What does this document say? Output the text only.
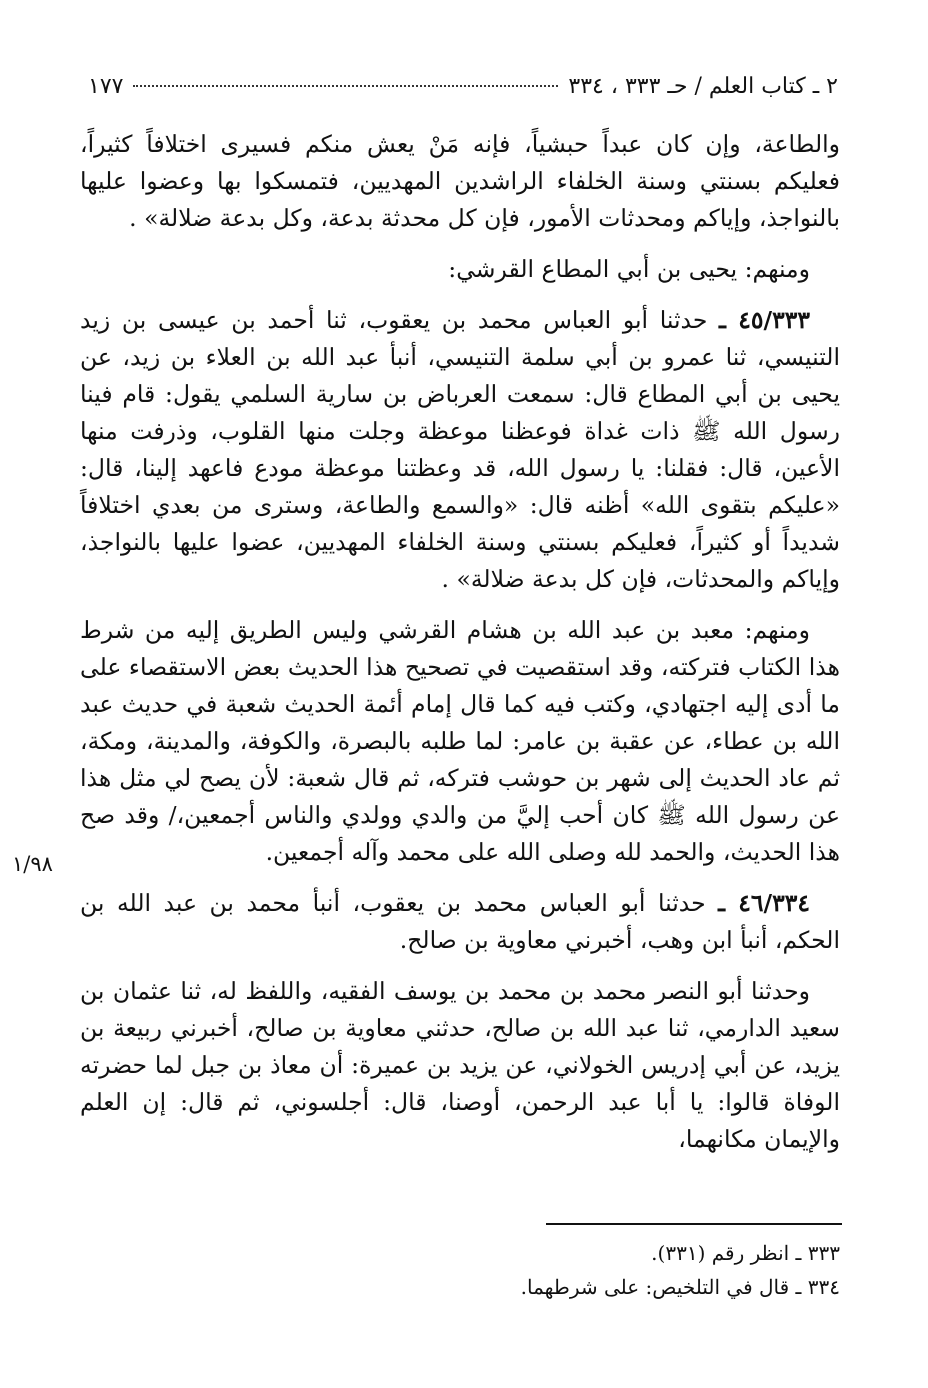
٢ ـ كتاب العلم / حـ ٣٣٣ ، ٣٣٤
١٧٧

والطاعة، وإن كان عبداً حبشياً، فإنه مَنْ يعش منكم فسيرى اختلافاً كثيراً، فعليكم بسنتي وسنة الخلفاء الراشدين المهديين، فتمسكوا بها وعضوا عليها بالنواجذ، وإياكم ومحدثات الأمور، فإن كل محدثة بدعة، وكل بدعة ضلالة» .

ومنهم: يحيى بن أبي المطاع القرشي:

٤٥/٣٣٣ ـ حدثنا أبو العباس محمد بن يعقوب، ثنا أحمد بن عيسى بن زيد التنيسي، ثنا عمرو بن أبي سلمة التنيسي، أنبأ عبد الله بن العلاء بن زيد، عن يحيى بن أبي المطاع قال: سمعت العرباض بن سارية السلمي يقول: قام فينا رسول الله ﷺ ذات غداة فوعظنا موعظة وجلت منها القلوب، وذرفت منها الأعين، قال: فقلنا: يا رسول الله، قد وعظتنا موعظة مودع فاعهد إلينا، قال: «عليكم بتقوى الله» أظنه قال: «والسمع والطاعة، وسترى من بعدي اختلافاً شديداً أو كثيراً، فعليكم بسنتي وسنة الخلفاء المهديين، عضوا عليها بالنواجذ، وإياكم والمحدثات، فإن كل بدعة ضلالة» .

ومنهم: معبد بن عبد الله بن هشام القرشي وليس الطريق إليه من شرط هذا الكتاب فتركته، وقد استقصيت في تصحيح هذا الحديث بعض الاستقصاء على ما أدى إليه اجتهادي، وكتب فيه كما قال إمام أئمة الحديث شعبة في حديث عبد الله بن عطاء، عن عقبة بن عامر: لما طلبه بالبصرة، والكوفة، والمدينة، ومكة، ثم عاد الحديث إلى شهر بن حوشب فتركه، ثم قال شعبة: لأن يصح لي مثل هذا عن رسول الله ﷺ كان أحب إليَّ من والدي وولدي والناس أجمعين،/ وقد صح هذا الحديث، والحمد لله وصلى الله على محمد وآله أجمعين.

٤٦/٣٣٤ ـ حدثنا أبو العباس محمد بن يعقوب، أنبأ محمد بن عبد الله بن الحكم، أنبأ ابن وهب، أخبرني معاوية بن صالح.

وحدثنا أبو النصر محمد بن محمد بن يوسف الفقيه، واللفظ له، ثنا عثمان بن سعيد الدارمي، ثنا عبد الله بن صالح، حدثني معاوية بن صالح، أخبرني ربيعة بن يزيد، عن أبي إدريس الخولاني، عن يزيد بن عميرة: أن معاذ بن جبل لما حضرته الوفاة قالوا: يا أبا عبد الرحمن، أوصنا، قال: أجلسوني، ثم قال: إن العلم والإيمان مكانهما،

١/٩٨

٣٣٣ ـ انظر رقم (٣٣١).

٣٣٤ ـ قال في التلخيص: على شرطهما.
